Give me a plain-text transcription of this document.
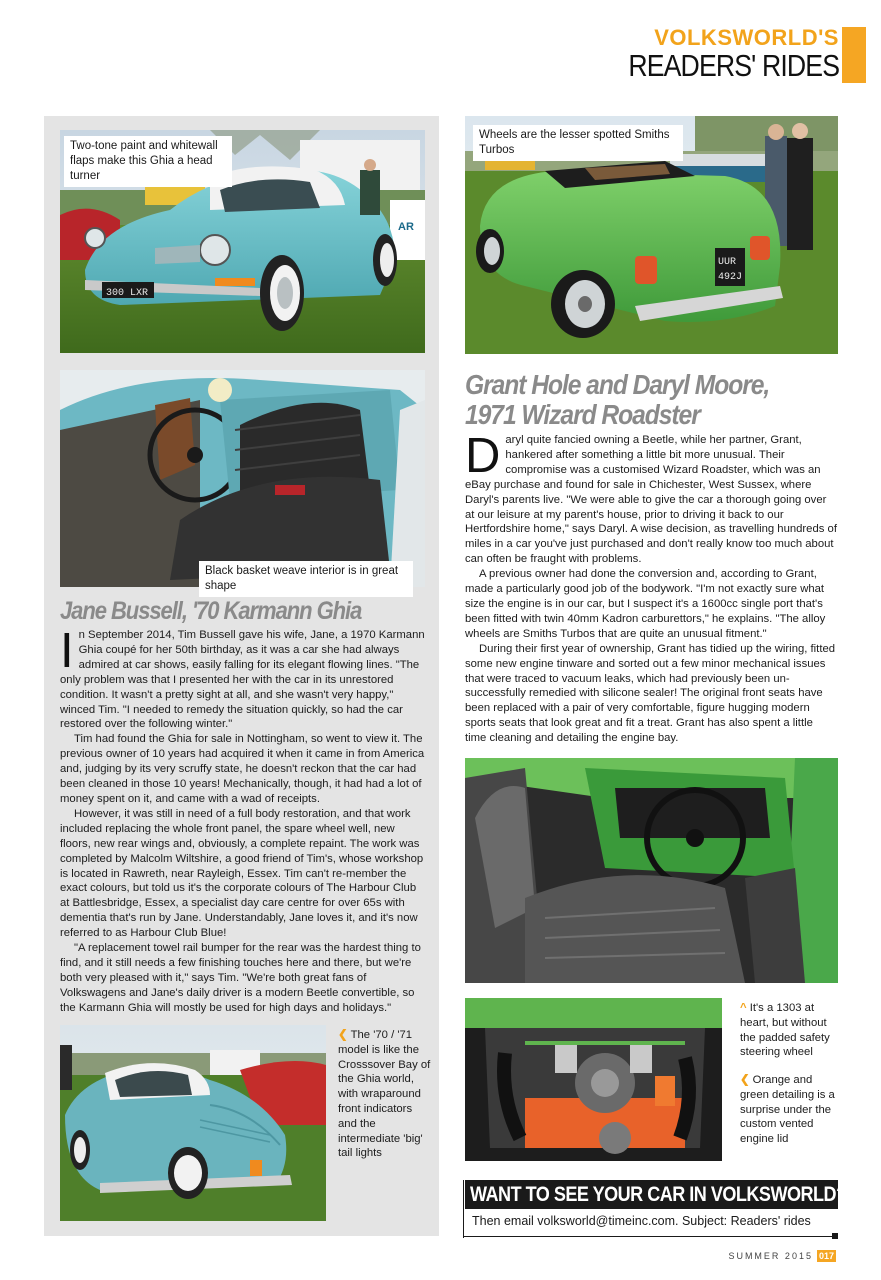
VOLKSWORLD'S
READERS' RIDES
AR
300 LXR
Two-tone paint and whitewall flaps make this Ghia a head turner
Black basket weave interior is in great shape
Jane Bussell, '70 Karmann Ghia

In September 2014, Tim Bussell gave his wife, Jane, a 1970 Karmann Ghia coupé for her 50th birthday, as it was a car she had always admired at car shows, easily falling for its elegant flowing lines. "The only problem was that I presented her with the car in its unrestored condition. It wasn't a pretty sight at all, and she wasn't very happy," winced Tim. "I needed to remedy the situation quickly, so had the car restored over the following winter."

Tim had found the Ghia for sale in Nottingham, so went to view it. The previous owner of 10 years had acquired it when it came in from America and, judging by its very scruffy state, he doesn't reckon that the car had been cleaned in those 10 years! Mechanically, though, it had had a lot of money spent on it, and came with a wad of receipts.

However, it was still in need of a full body restoration, and that work included replacing the whole front panel, the spare wheel well, new floors, new rear wings and, obviously, a complete repaint. The work was completed by Malcolm Wiltshire, a good friend of Tim's, whose workshop is located in Rawreth, near Rayleigh, Essex. Tim can't re-member the exact colours, but told us it's the corporate colours of The Harbour Club at Battlesbridge, Essex, a specialist day care centre for over 65s with dementia that's run by Jane. Understandably, Jane loves it, and it's now referred to as Harbour Club Blue!

"A replacement towel rail bumper for the rear was the hardest thing to find, and it still needs a few finishing touches here and there, but we're both very pleased with it," says Tim. "We're both great fans of Volkswagens and Jane's daily driver is a modern Beetle convertible, so the Karmann Ghia will mostly be used for high days and holidays."

❮ The '70 / '71 model is like the Crosssover Bay of the Ghia world, with wraparound front indicators and the intermediate 'big' tail lights
UUR
492J
Wheels are the lesser spotted Smiths Turbos
Grant Hole and Daryl Moore,
1971 Wizard Roadster

Daryl quite fancied owning a Beetle, while her partner, Grant, hankered after something a little bit more unusual. Their compromise was a customised Wizard Roadster, which was an eBay purchase and found for sale in Chichester, West Sussex, where Daryl's parents live. "We were able to give the car a thorough going over at our leisure at my parent's house, prior to driving it back to our Hertfordshire home," says Daryl. A wise decision, as travelling hundreds of miles in a car you've just purchased and don't really know too much about can often be fraught with problems.

A previous owner had done the conversion and, according to Grant, made a particularly good job of the bodywork. "I'm not exactly sure what size the engine is in our car, but I suspect it's a 1600cc single port that's been fitted with twin 40mm Kadron carburettors," he explains. "The alloy wheels are Smiths Turbos that are quite an unusual fitment."

During their first year of ownership, Grant has tidied up the wiring, fitted some new engine tinware and sorted out a few minor mechanical issues that were traced to vacuum leaks, which had previously been un-successfully remedied with silicone sealer! The original front seats have been replaced with a pair of very comfortable, figure hugging modern sports seats that look great and fit a treat. Grant has also spent a little time cleaning and detailing the engine bay.

^ It's a 1303 at heart, but without the padded safety steering wheel
❮ Orange and green detailing is a surprise under the custom vented engine lid
WANT TO SEE YOUR CAR IN VOLKSWORLD?
Then email volksworld@timeinc.com. Subject: Readers' rides
SUMMER 2015 017
